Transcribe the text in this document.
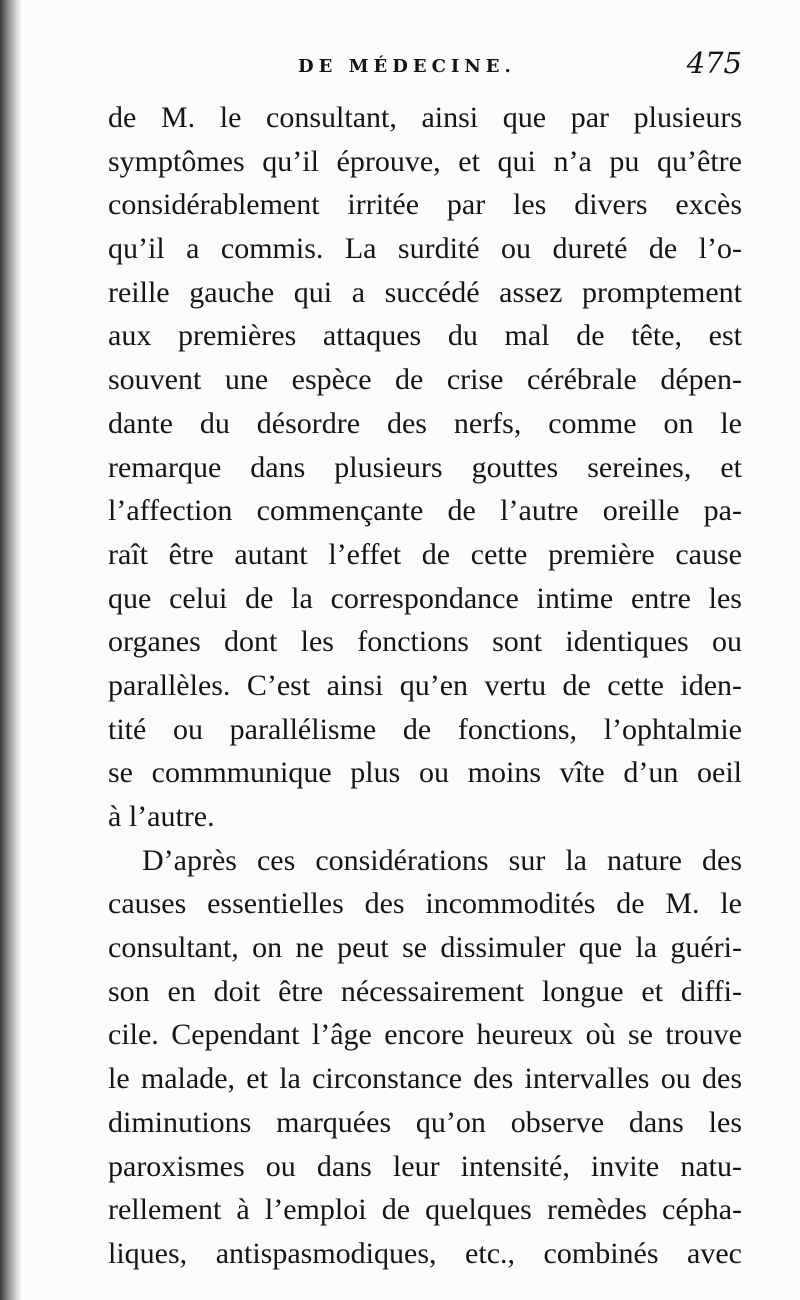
DE MÉDECINE.	475
de M. le consultant, ainsi que par plusieurs
symptômes qu’il éprouve, et qui n’a pu qu’être
considérablement irritée par les divers excès
qu’il a commis. La surdité ou dureté de l’o-
reille gauche qui a succédé assez promptement
aux premières attaques du mal de tête, est
souvent une espèce de crise cérébrale dépen-
dante du désordre des nerfs, comme on le
remarque dans plusieurs gouttes sereines, et
l’affection commençante de l’autre oreille pa-
raît être autant l’effet de cette première cause
que celui de la correspondance intime entre les
organes dont les fonctions sont identiques ou
parallèles. C’est ainsi qu’en vertu de cette iden-
tité ou parallélisme de fonctions, l’ophtalmie
se commmunique plus ou moins vîte d’un oeil
à l’autre.
D’après ces considérations sur la nature des
causes essentielles des incommodités de M. le
consultant, on ne peut se dissimuler que la guéri-
son en doit être nécessairement longue et diffi-
cile. Cependant l’âge encore heureux où se trouve
le malade, et la circonstance des intervalles ou des
diminutions marquées qu’on observe dans les
paroxismes ou dans leur intensité, invite natu-
rellement à l’emploi de quelques remèdes cépha-
liques, antispasmodiques, etc., combinés avec
